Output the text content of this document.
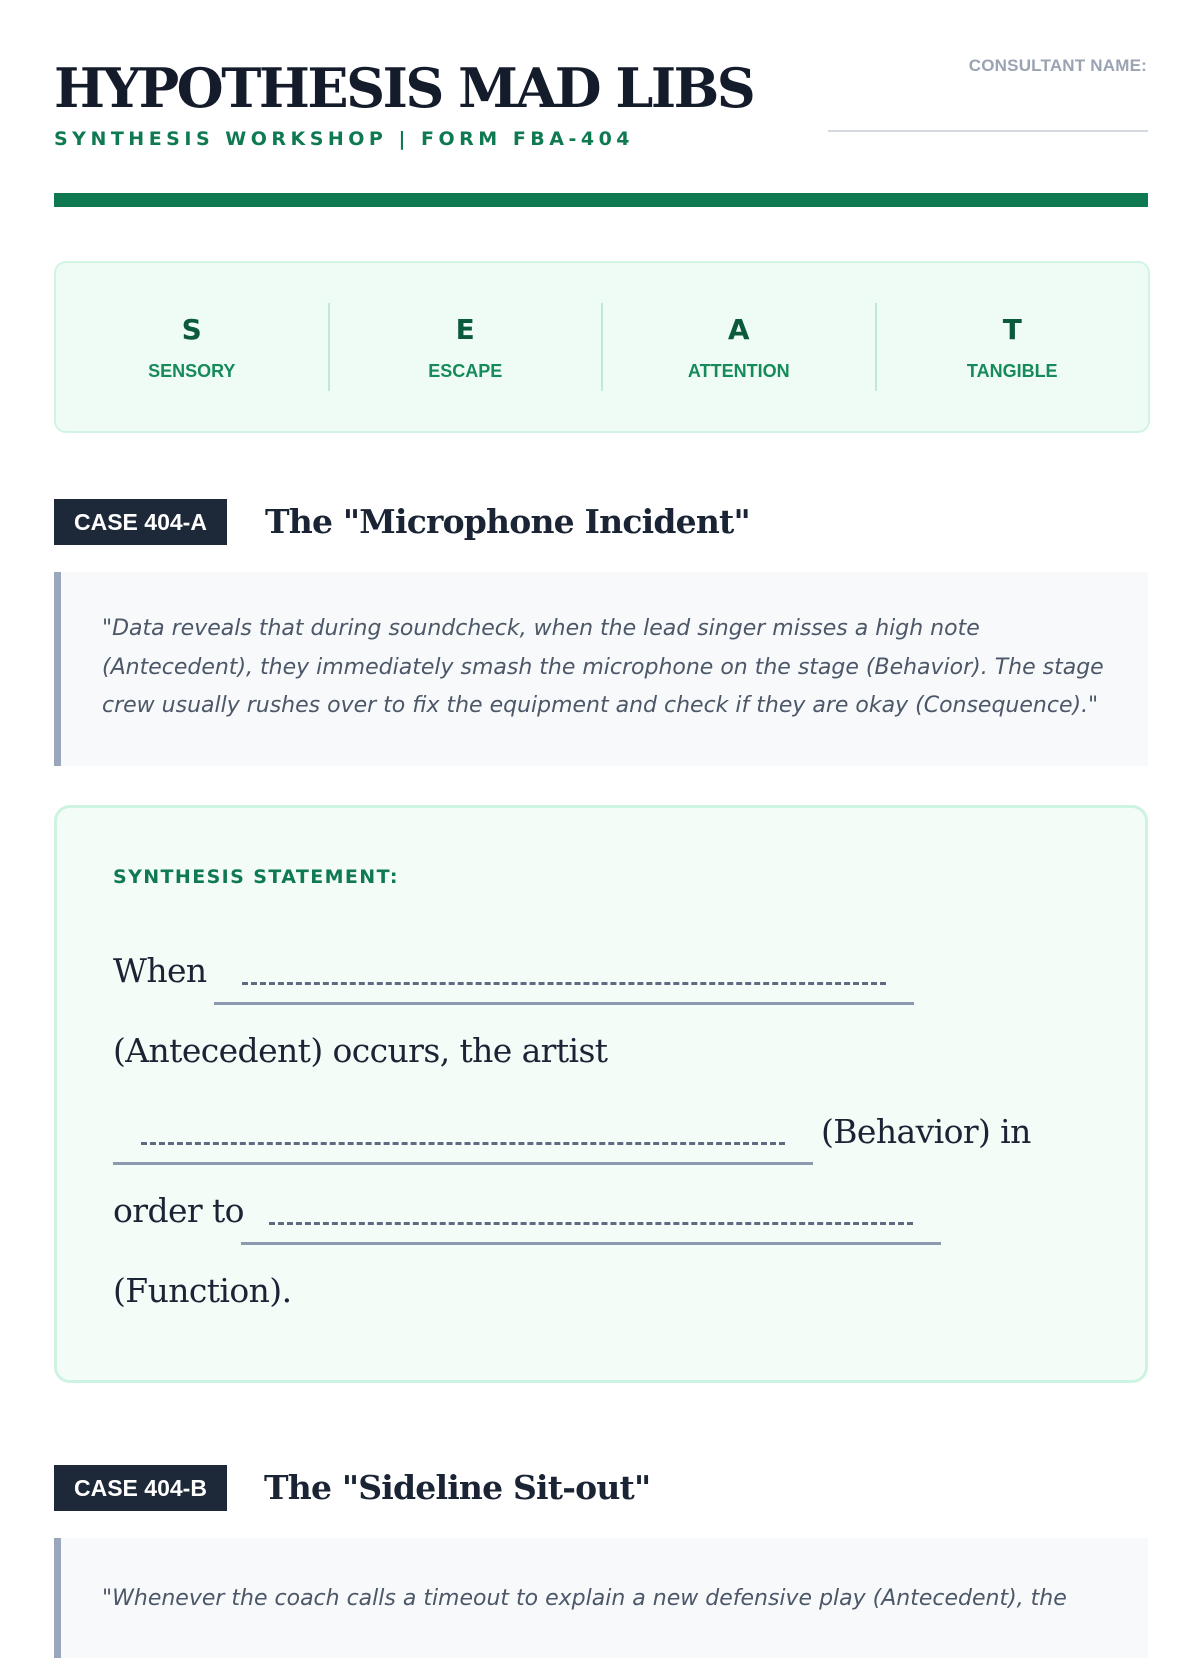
HYPOTHESIS MAD LIBS
SYNTHESIS WORKSHOP | FORM FBA-404
CONSULTANT NAME:
S
SENSORY
E
ESCAPE
A
ATTENTION
T
TANGIBLE
CASE 404-A	The "Microphone Incident"

"Data reveals that during soundcheck, when the lead singer misses a high note (Antecedent), they immediately smash the microphone on the stage (Behavior). The stage crew usually rushes over to fix the equipment and check if they are okay (Consequence)."

SYNTHESIS STATEMENT:
When
(Antecedent) occurs, the artist
(Behavior) in
order to
(Function).
CASE 404-B	The "Sideline Sit-out"

"Whenever the coach calls a timeout to explain a new defensive play (Antecedent), the
